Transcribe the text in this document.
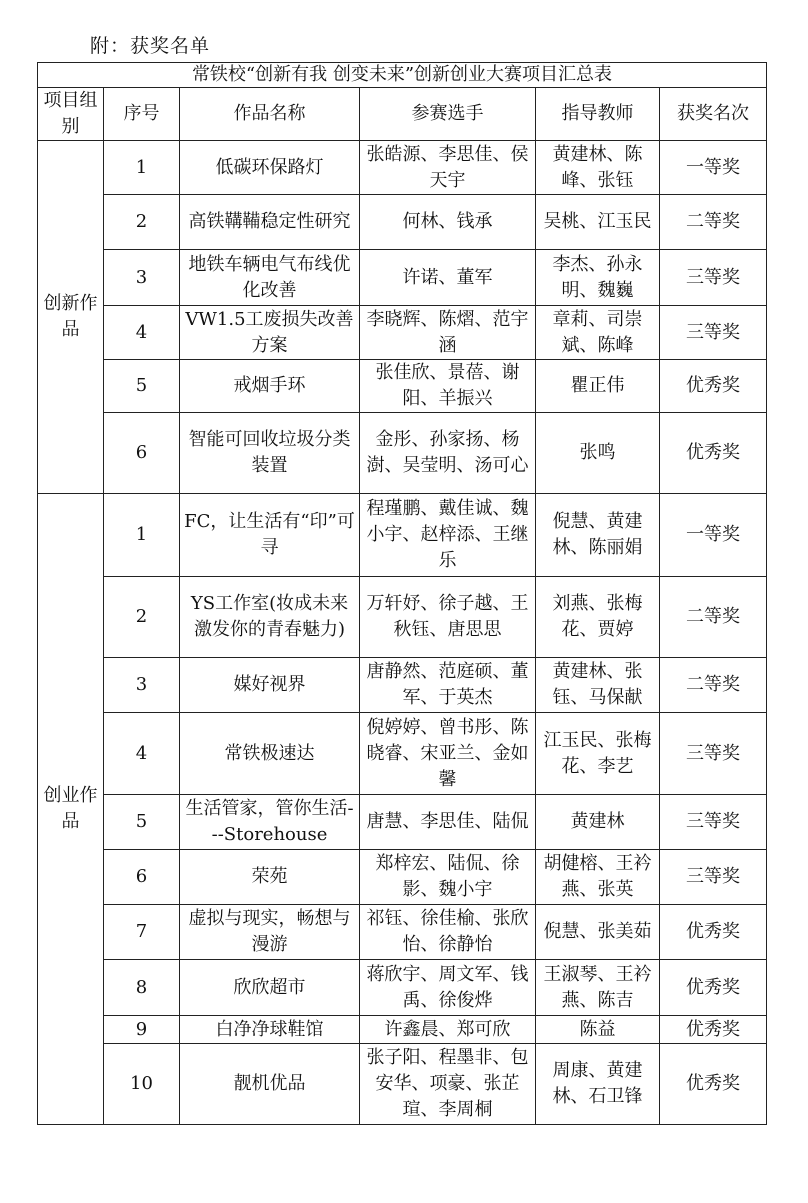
附：获奖名单
常铁校“创新有我 创变未来”创新创业大赛项目汇总表					
项目组别	序号	作品名称	参赛选手	指导教师	获奖名次
创新作品	1	低碳环保路灯	张皓源、李思佳、侯天宇	黄建林、陈峰、张钰	一等奖
	2	高铁鞲鞴稳定性研究	何林、钱承	吴桃、江玉民	二等奖
	3	地铁车辆电气布线优化改善	许诺、董军	李杰、孙永明、魏巍	三等奖
	4	VW1.5工废损失改善方案	李晓辉、陈熠、范宇涵	章莉、司崇斌、陈峰	三等奖
	5	戒烟手环	张佳欣、景蓓、谢阳、羊振兴	瞿正伟	优秀奖
	6	智能可回收垃圾分类装置	金彤、孙家扬、杨澍、吴莹明、汤可心	张鸣	优秀奖
创业作品	1	FC，让生活有“印”可寻	程瑾鹏、戴佳诚、魏小宇、赵梓添、王继乐	倪慧、黄建林、陈丽娟	一等奖
	2	YS工作室(妆成未来 激发你的青春魅力)	万轩妤、徐子越、王秋钰、唐思思	刘燕、张梅花、贾婷	二等奖
	3	媒好视界	唐静然、范庭硕、董军、于英杰	黄建林、张钰、马保献	二等奖
	4	常铁极速达	倪婷婷、曾书彤、陈晓睿、宋亚兰、金如馨	江玉民、张梅花、李艺	三等奖
	5	生活管家，管你生活---Storehouse	唐慧、李思佳、陆侃	黄建林	三等奖
	6	荣苑	郑梓宏、陆侃、徐影、魏小宇	胡健榕、王衿燕、张英	三等奖
	7	虚拟与现实，畅想与漫游	祁钰、徐佳榆、张欣怡、徐静怡	倪慧、张美茹	优秀奖
	8	欣欣超市	蒋欣宇、周文军、钱禹、徐俊烨	王淑琴、王衿燕、陈吉	优秀奖
	9	白净净球鞋馆	许鑫晨、郑可欣	陈益	优秀奖
	10	靓机优品	张子阳、程墨非、包安华、项豪、张芷瑄、李周桐	周康、黄建林、石卫锋	优秀奖
